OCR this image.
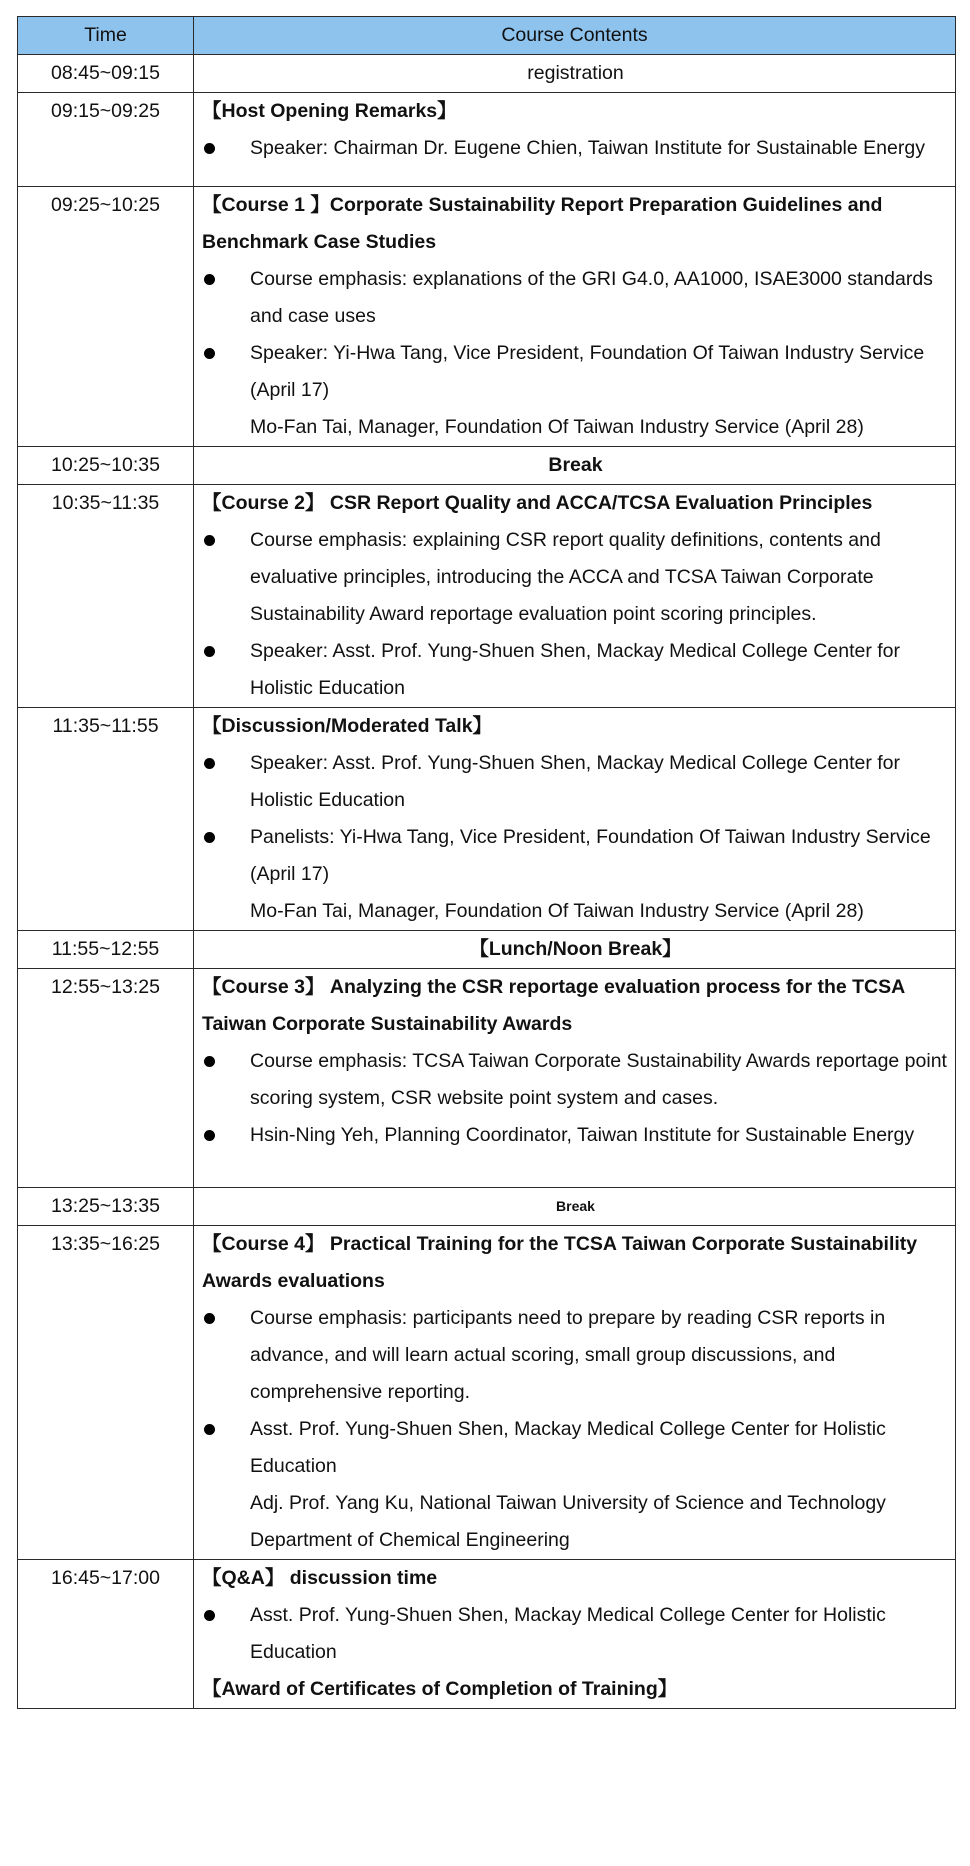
Time	Course Contents
08:45~09:15	registration

09:15~09:25	【Host Opening Remarks】
Speaker: Chairman Dr. Eugene Chien, Taiwan Institute for Sustainable Energy

09:25~10:25	【Course 1 】Corporate Sustainability Report Preparation Guidelines and Benchmark Case Studies
Course emphasis: explanations of the GRI G4.0, AA1000, ISAE3000 standards and case uses
Speaker: Yi-Hwa Tang, Vice President, Foundation Of Taiwan Industry Service (April 17)
Mo-Fan Tai, Manager, Foundation Of Taiwan Industry Service (April 28)

10:25~10:35	Break

10:35~11:35	【Course 2】 CSR Report Quality and ACCA/TCSA Evaluation Principles
Course emphasis: explaining CSR report quality definitions, contents and evaluative principles, introducing the ACCA and TCSA Taiwan Corporate Sustainability Award reportage evaluation point scoring principles.
Speaker: Asst. Prof. Yung-Shuen Shen, Mackay Medical College Center for Holistic Education

11:35~11:55	【Discussion/Moderated Talk】
Speaker: Asst. Prof. Yung-Shuen Shen, Mackay Medical College Center for Holistic Education
Panelists: Yi-Hwa Tang, Vice President, Foundation Of Taiwan Industry Service (April 17)
Mo-Fan Tai, Manager, Foundation Of Taiwan Industry Service (April 28)

11:55~12:55	【Lunch/Noon Break】

12:55~13:25	【Course 3】 Analyzing the CSR reportage evaluation process for the TCSA Taiwan Corporate Sustainability Awards
Course emphasis: TCSA Taiwan Corporate Sustainability Awards reportage point scoring system, CSR website point system and cases.
Hsin-Ning Yeh, Planning Coordinator, Taiwan Institute for Sustainable Energy

13:25~13:35	Break

13:35~16:25	【Course 4】 Practical Training for the TCSA Taiwan Corporate Sustainability Awards evaluations
Course emphasis: participants need to prepare by reading CSR reports in advance, and will learn actual scoring, small group discussions, and comprehensive reporting.
Asst. Prof. Yung-Shuen Shen, Mackay Medical College Center for Holistic Education
Adj. Prof. Yang Ku, National Taiwan University of Science and Technology Department of Chemical Engineering

16:45~17:00	【Q&A】 discussion time
Asst. Prof. Yung-Shuen Shen, Mackay Medical College Center for Holistic Education
【Award of Certificates of Completion of Training】
